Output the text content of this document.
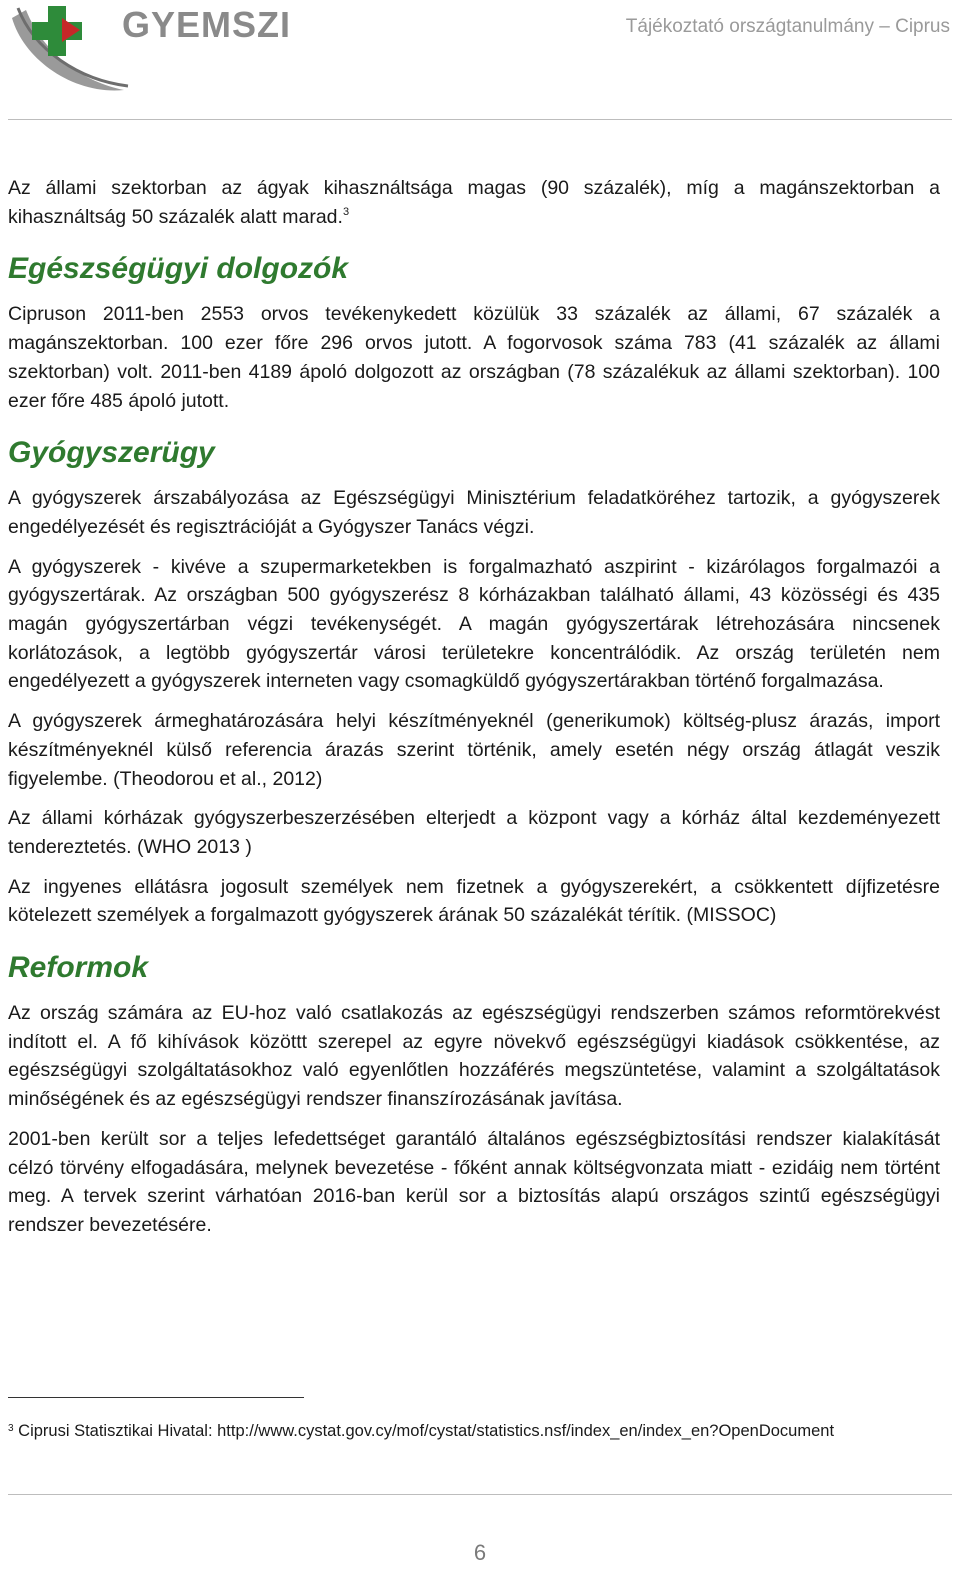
GYEMSZI	Tájékoztató országtanulmány – Ciprus

Az állami szektorban az ágyak kihasználtsága magas (90 százalék), míg a magánszektorban a kihasználtság 50 százalék alatt marad.$^3$

Egészségügyi dolgozók

Cipruson 2011-ben 2553 orvos tevékenykedett közülük 33 százalék az állami, 67 százalék a magánszektorban. 100 ezer főre 296 orvos jutott. A fogorvosok száma 783 (41 százalék az állami szektorban) volt. 2011-ben 4189 ápoló dolgozott az országban (78 százalékuk az állami szektorban). 100 ezer főre 485 ápoló jutott.

Gyógyszerügy

A gyógyszerek árszabályozása az Egészségügyi Minisztérium feladatköréhez tartozik, a gyógyszerek engedélyezését és regisztrációját a Gyógyszer Tanács végzi.

A gyógyszerek - kivéve a szupermarketekben is forgalmazható aszpirint - kizárólagos forgalmazói a gyógyszertárak. Az országban 500 gyógyszerész 8 kórházakban található állami, 43 közösségi és 435 magán gyógyszertárban végzi tevékenységét. A magán gyógyszertárak létrehozására nincsenek korlátozások, a legtöbb gyógyszertár városi területekre koncentrálódik. Az ország területén nem engedélyezett a gyógyszerek interneten vagy csomagküldő gyógyszertárakban történő forgalmazása.

A gyógyszerek ármeghatározására helyi készítményeknél (generikumok) költség-plusz árazás, import készítményeknél külső referencia árazás szerint történik, amely esetén négy ország átlagát veszik figyelembe. (Theodorou et al., 2012)

Az állami kórházak gyógyszerbeszerzésében elterjedt a központ vagy a kórház által kezdeményezett tendereztetés. (WHO 2013 )

Az ingyenes ellátásra jogosult személyek nem fizetnek a gyógyszerekért, a csökkentett díjfizetésre kötelezett személyek a forgalmazott gyógyszerek árának 50 százalékát térítik. (MISSOC)

Reformok

Az ország számára az EU-hoz való csatlakozás az egészségügyi rendszerben számos reformtörekvést indított el. A fő kihívások közöttt szerepel az egyre növekvő egészségügyi kiadások csökkentése, az egészségügyi szolgáltatásokhoz való egyenlőtlen hozzáférés megszüntetése, valamint a szolgáltatások minőségének és az egészségügyi rendszer finanszírozásának javítása.

2001-ben került sor a teljes lefedettséget garantáló általános egészségbiztosítási rendszer kialakítását célzó törvény elfogadására, melynek bevezetése - főként annak költségvonzata miatt - ezidáig nem történt meg. A tervek szerint várhatóan 2016-ban kerül sor a biztosítás alapú országos szintű egészségügyi rendszer bevezetésére.

$^3$ Ciprusi Statisztikai Hivatal: http://www.cystat.gov.cy/mof/cystat/statistics.nsf/index_en/index_en?OpenDocument
6
